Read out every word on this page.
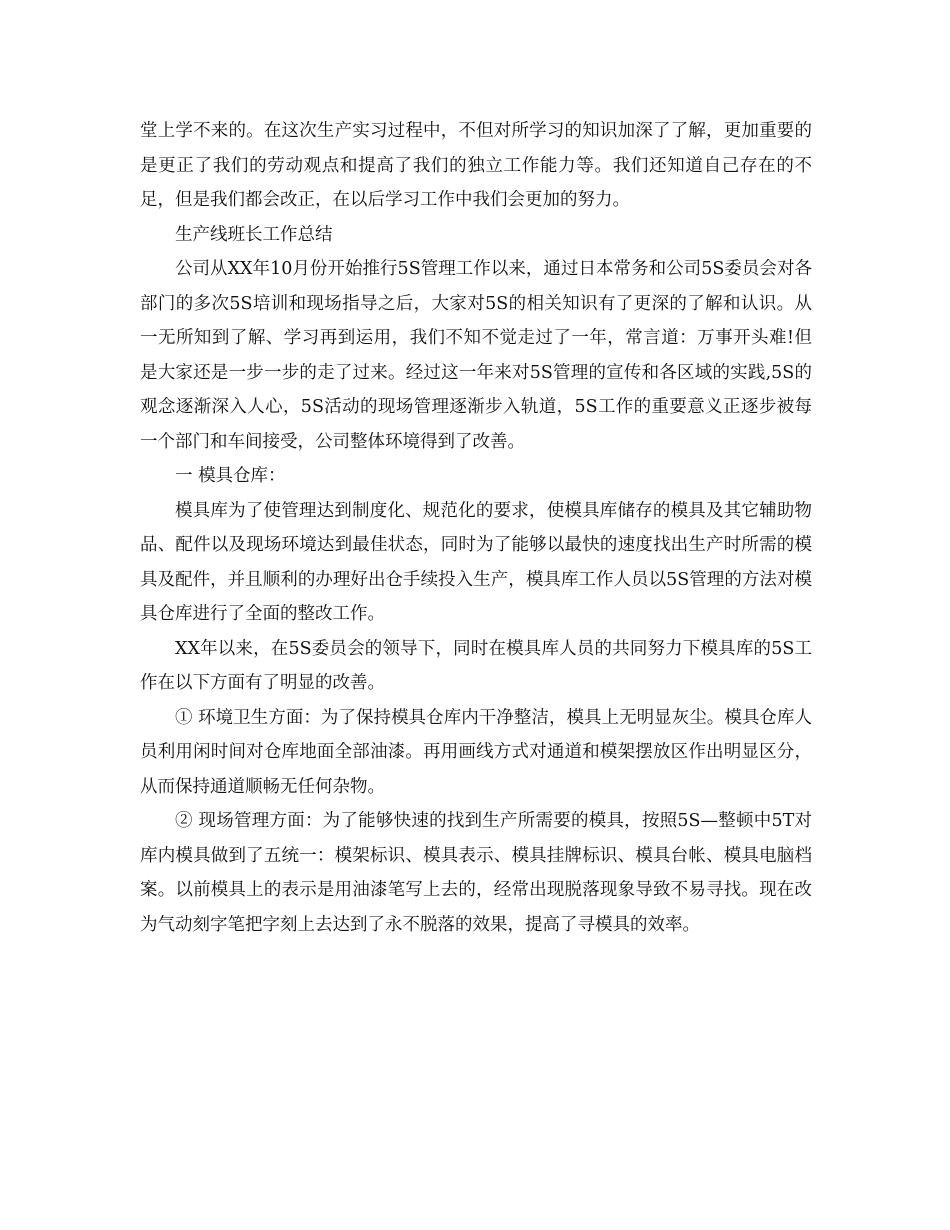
堂上学不来的。在这次生产实习过程中，不但对所学习的知识加深了了解，更加重要的是更正了我们的劳动观点和提高了我们的独立工作能力等。我们还知道自己存在的不足，但是我们都会改正，在以后学习工作中我们会更加的努力。

生产线班长工作总结

公司从XX年10月份开始推行5S管理工作以来，通过日本常务和公司5S委员会对各部门的多次5S培训和现场指导之后，大家对5S的相关知识有了更深的了解和认识。从一无所知到了解、学习再到运用，我们不知不觉走过了一年，常言道：万事开头难!但是大家还是一步一步的走了过来。经过这一年来对5S管理的宣传和各区域的实践,5S的观念逐渐深入人心，5S活动的现场管理逐渐步入轨道，5S工作的重要意义正逐步被每一个部门和车间接受，公司整体环境得到了改善。

一 模具仓库：

模具库为了使管理达到制度化、规范化的要求，使模具库储存的模具及其它辅助物品、配件以及现场环境达到最佳状态，同时为了能够以最快的速度找出生产时所需的模具及配件，并且顺利的办理好出仓手续投入生产，模具库工作人员以5S管理的方法对模具仓库进行了全面的整改工作。

XX年以来，在5S委员会的领导下，同时在模具库人员的共同努力下模具库的5S工作在以下方面有了明显的改善。

① 环境卫生方面：为了保持模具仓库内干净整洁，模具上无明显灰尘。模具仓库人员利用闲时间对仓库地面全部油漆。再用画线方式对通道和模架摆放区作出明显区分，从而保持通道顺畅无任何杂物。

② 现场管理方面：为了能够快速的找到生产所需要的模具，按照5S—整顿中5T对库内模具做到了五统一：模架标识、模具表示、模具挂牌标识、模具台帐、模具电脑档案。以前模具上的表示是用油漆笔写上去的，经常出现脱落现象导致不易寻找。现在改为气动刻字笔把字刻上去达到了永不脱落的效果，提高了寻模具的效率。
